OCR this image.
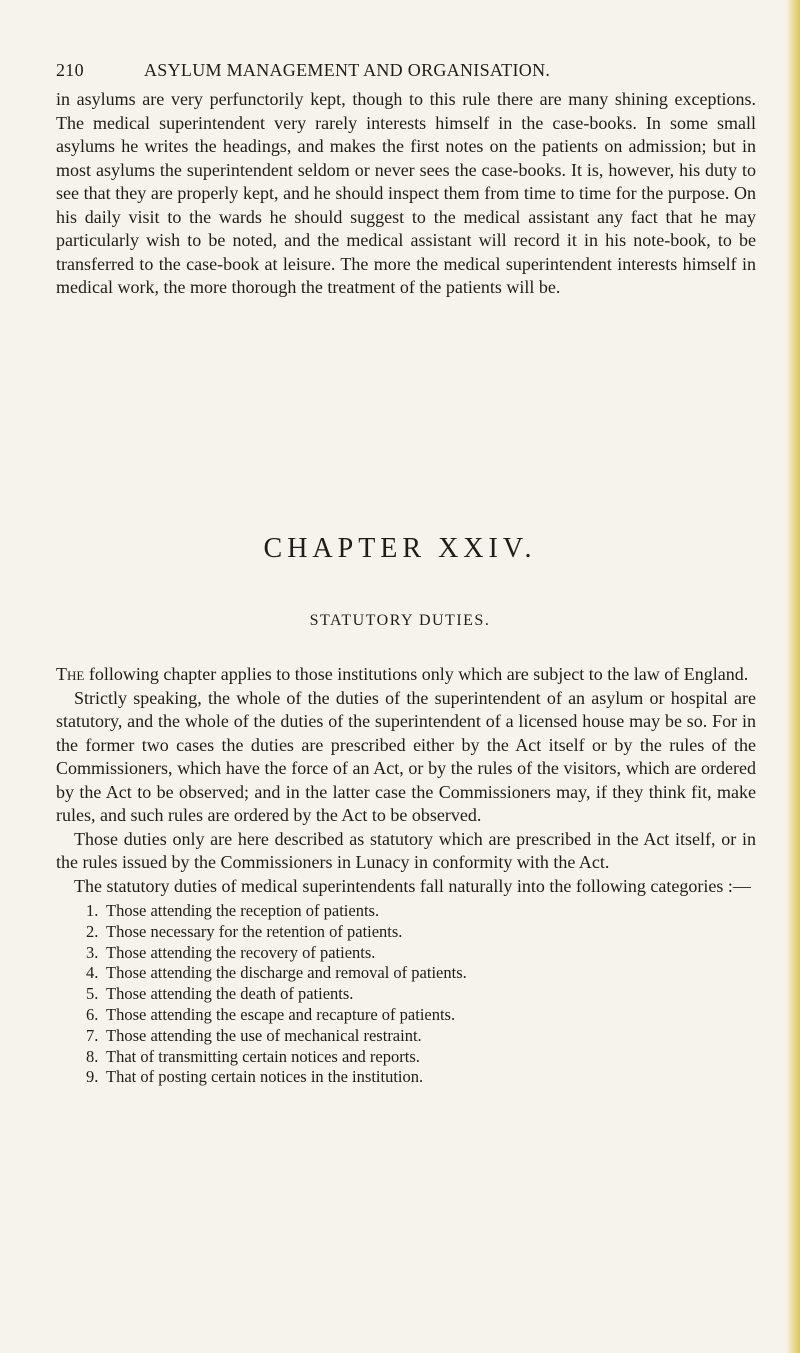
210	ASYLUM MANAGEMENT AND ORGANISATION.

in asylums are very perfunctorily kept, though to this rule there are many shining exceptions. The medical superintendent very rarely interests himself in the case-books. In some small asylums he writes the headings, and makes the first notes on the patients on admission; but in most asylums the superintendent seldom or never sees the case-books. It is, however, his duty to see that they are properly kept, and he should inspect them from time to time for the purpose. On his daily visit to the wards he should suggest to the medical assistant any fact that he may particularly wish to be noted, and the medical assistant will record it in his note-book, to be transferred to the case-book at leisure. The more the medical superintendent interests himself in medical work, the more thorough the treatment of the patients will be.

CHAPTER XXIV.
STATUTORY DUTIES.

The following chapter applies to those institutions only which are subject to the law of England.

Strictly speaking, the whole of the duties of the superintendent of an asylum or hospital are statutory, and the whole of the duties of the superintendent of a licensed house may be so. For in the former two cases the duties are prescribed either by the Act itself or by the rules of the Commissioners, which have the force of an Act, or by the rules of the visitors, which are ordered by the Act to be observed; and in the latter case the Commissioners may, if they think fit, make rules, and such rules are ordered by the Act to be observed.

Those duties only are here described as statutory which are prescribed in the Act itself, or in the rules issued by the Commissioners in Lunacy in conformity with the Act.

The statutory duties of medical superintendents fall naturally into the following categories :—

1. Those attending the reception of patients.
2. Those necessary for the retention of patients.
3. Those attending the recovery of patients.
4. Those attending the discharge and removal of patients.
5. Those attending the death of patients.
6. Those attending the escape and recapture of patients.
7. Those attending the use of mechanical restraint.
8. That of transmitting certain notices and reports.
9. That of posting certain notices in the institution.
